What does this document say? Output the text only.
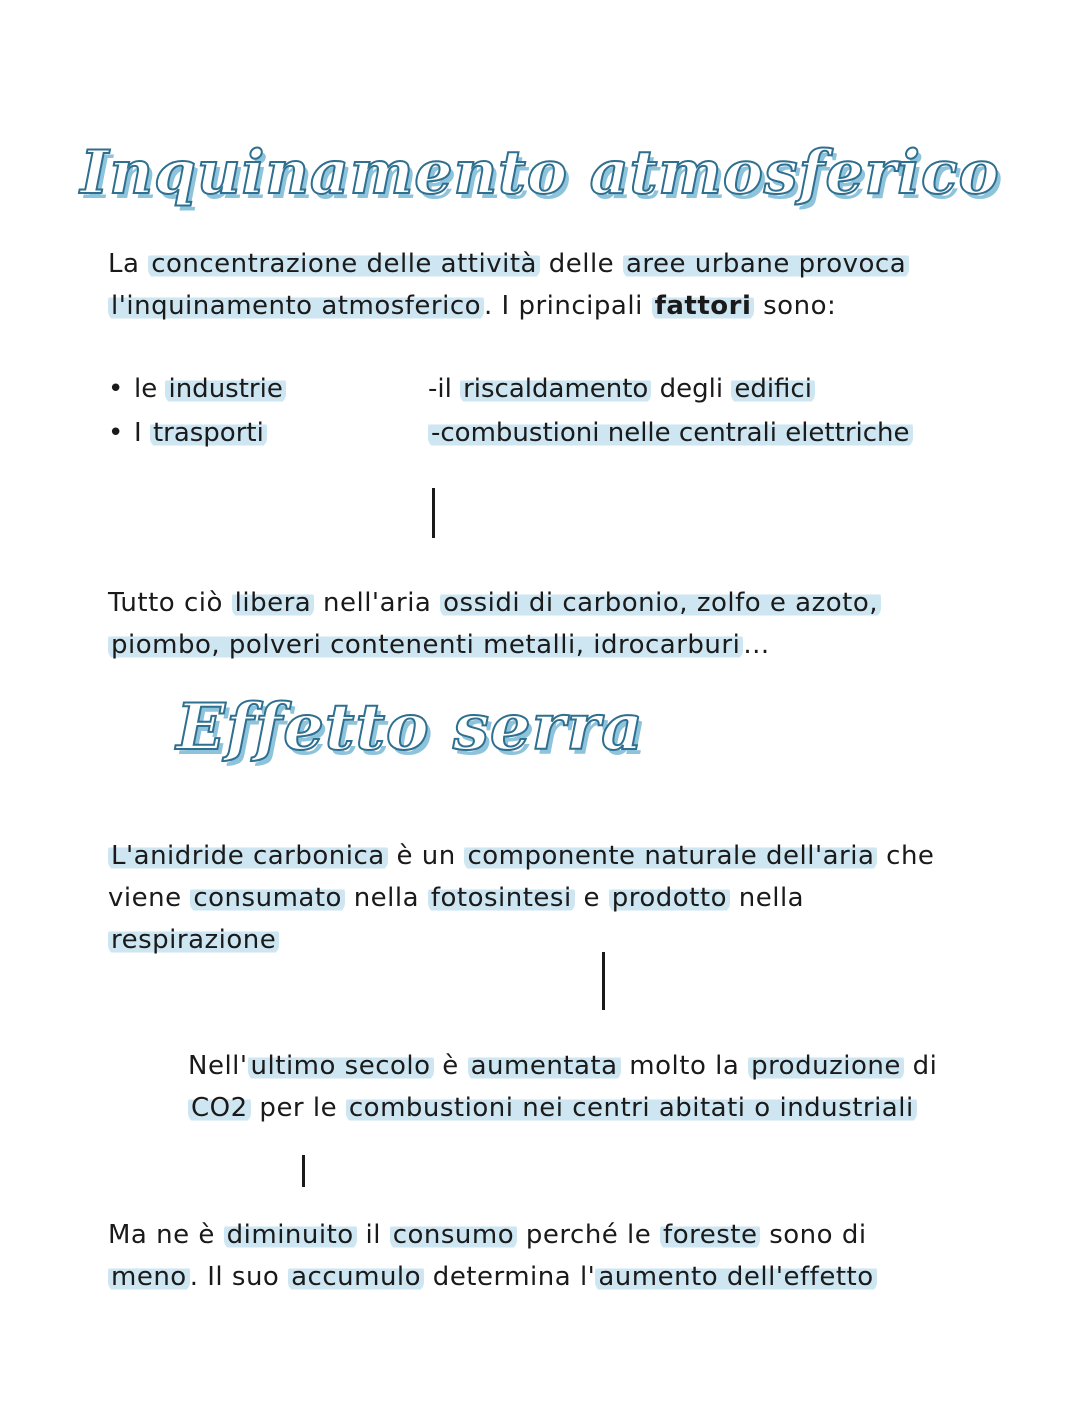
Inquinamento atmosferico
La concentrazione delle attività delle aree urbane provoca
l'inquinamento atmosferico . I principali fattori sono:
• le industrie
• I trasporti
-il riscaldamento degli edifici
-combustioni nelle centrali elettriche
Tutto ciò libera nell'aria ossidi di carbonio, zolfo e azoto,
piombo, polveri contenenti metalli, idrocarburi ...
Effetto serra
L'anidride carbonica è un componente naturale dell'aria che
viene consumato nella fotosintesi e prodotto nella
respirazione
Nell' ultimo secolo è aumentata molto la produzione di
CO2 per le combustioni nei centri abitati o industriali
Ma ne è diminuito il consumo perché le foreste sono di
meno . Il suo accumulo determina l' aumento dell'effetto
